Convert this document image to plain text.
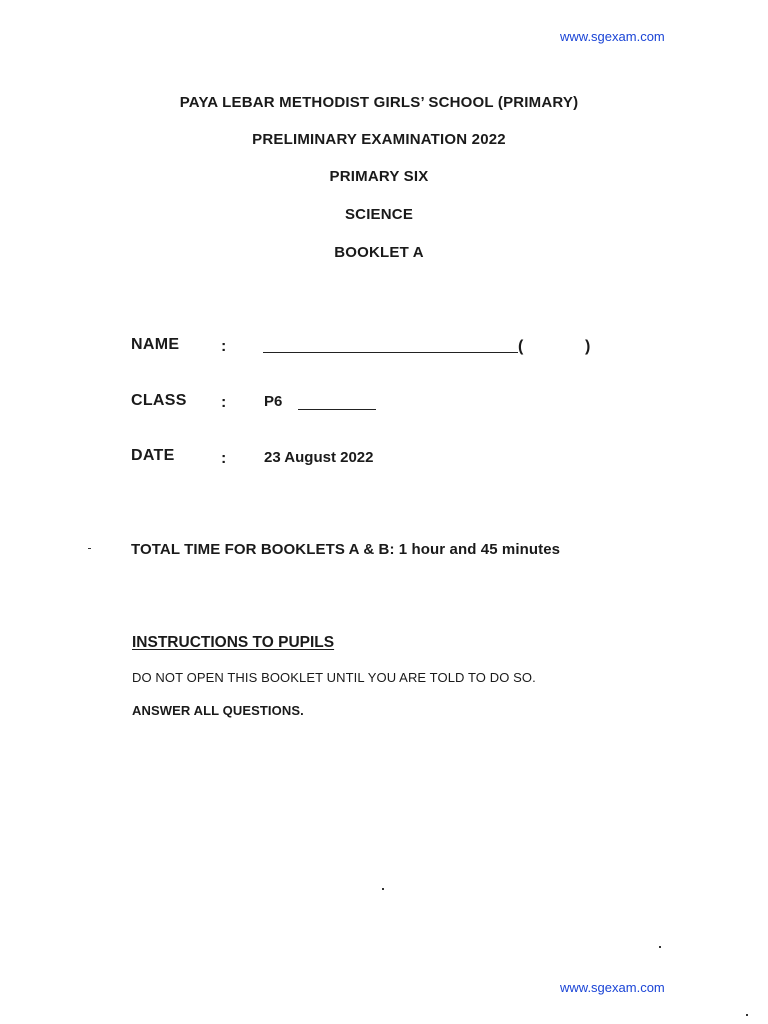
www.sgexam.com
PAYA LEBAR METHODIST GIRLS’ SCHOOL (PRIMARY)
PRELIMINARY EXAMINATION 2022
PRIMARY SIX
SCIENCE
BOOKLET A
NAME	:	(	)
CLASS :	P6
DATE	:	23 August 2022
TOTAL TIME FOR BOOKLETS A & B: 1 hour and 45 minutes
INSTRUCTIONS TO PUPILS
DO NOT OPEN THIS BOOKLET UNTIL YOU ARE TOLD TO DO SO.
ANSWER ALL QUESTIONS.
www.sgexam.com
